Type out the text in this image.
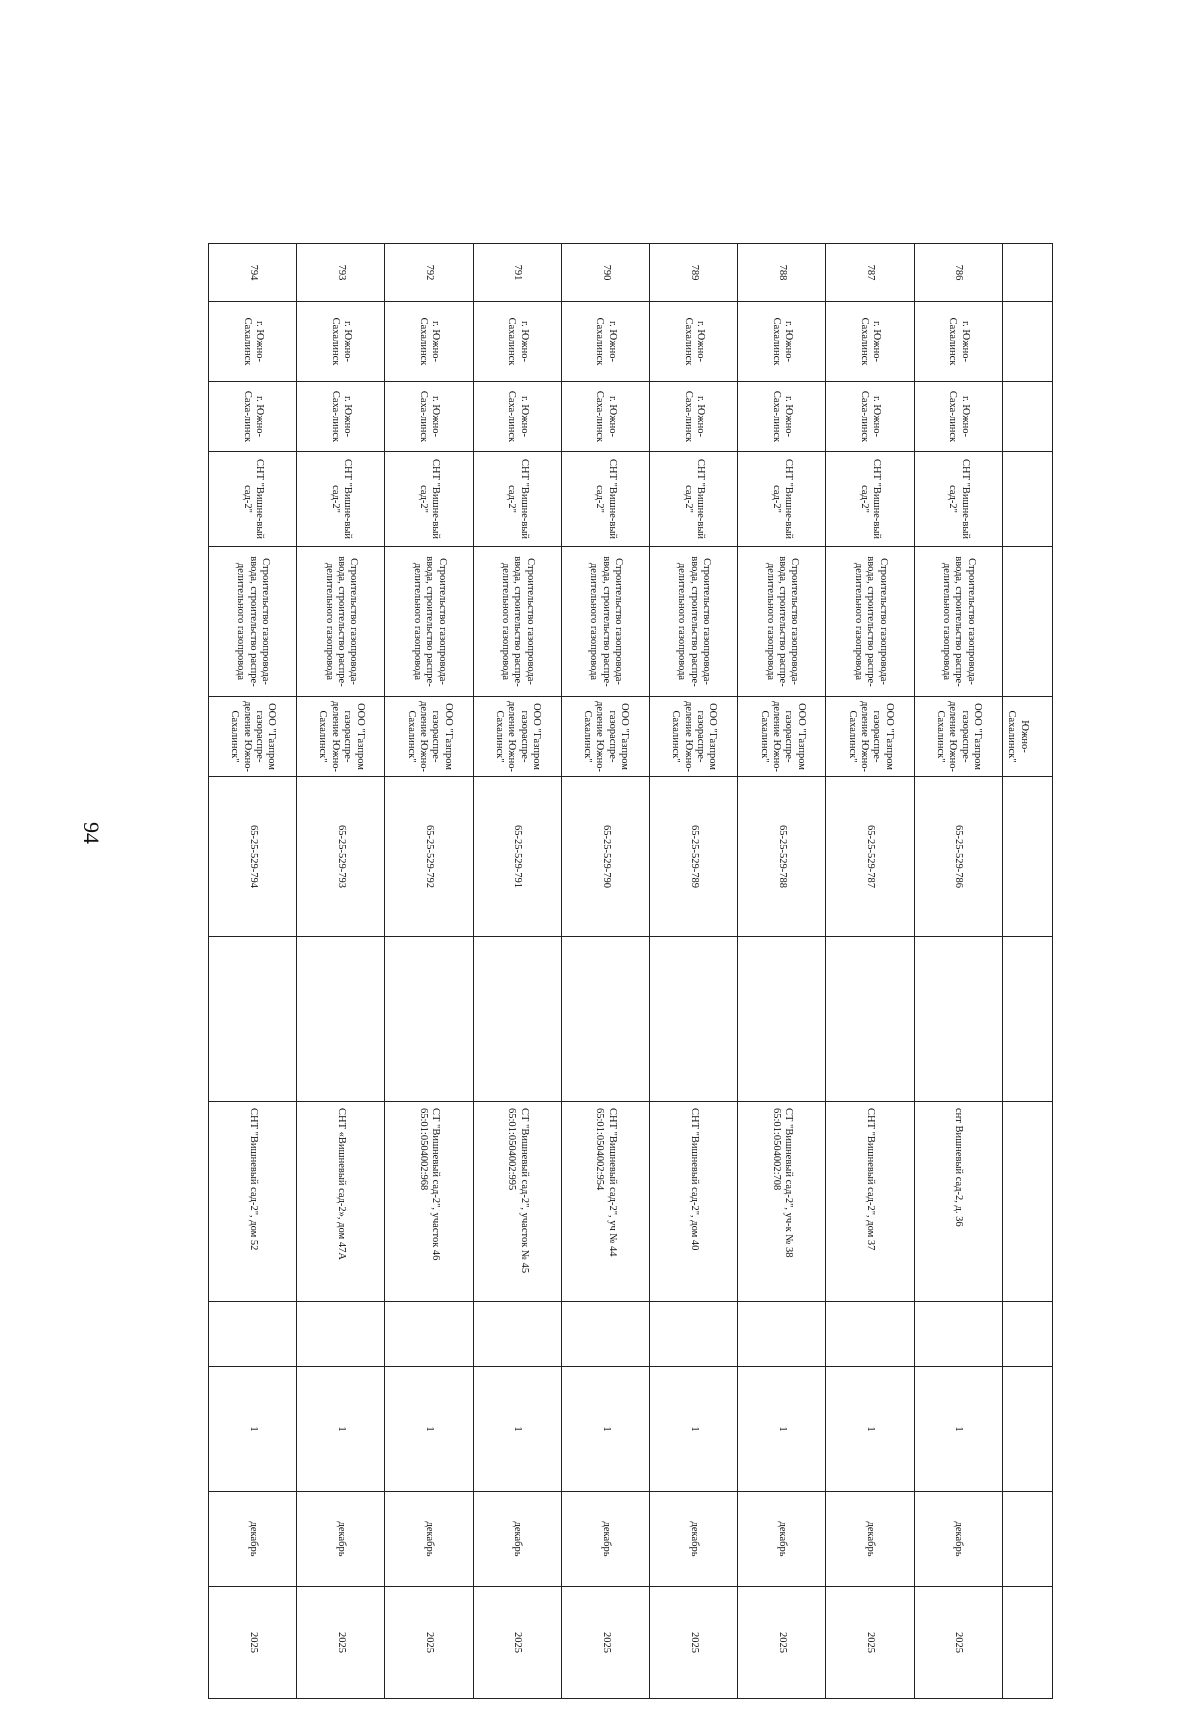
94
					Южно-Сахалинск"							
786	г. Южно-Сахалинск	г. Южно-Саха-линск	СНТ "Вишне-вый сад-2"	Строительство газопровода-ввода, строительство распре-делительного газопровода	ООО "Газпром газораспре-деление Южно-Сахалинск"	65-25-529-786		снт Вишневый сад-2, д. 36		1	декабрь	2025
787	г. Южно-Сахалинск	г. Южно-Саха-линск	СНТ "Вишне-вый сад-2"	Строительство газопровода-ввода, строительство распре-делительного газопровода	ООО "Газпром газораспре-деление Южно-Сахалинск"	65-25-529-787		СНТ "Вишневый сад-2", дом 37		1	декабрь	2025
788	г. Южно-Сахалинск	г. Южно-Саха-линск	СНТ "Вишне-вый сад-2"	Строительство газопровода-ввода, строительство распре-делительного газопровода	ООО "Газпром газораспре-деление Южно-Сахалинск"	65-25-529-788		СТ "Вишневый сад-2", уч-к № 38 65:01:0504002:708		1	декабрь	2025
789	г. Южно-Сахалинск	г. Южно-Саха-линск	СНТ "Вишне-вый сад-2"	Строительство газопровода-ввода, строительство распре-делительного газопровода	ООО "Газпром газораспре-деление Южно-Сахалинск"	65-25-529-789		СНТ "Вишневый сад-2", дом 40		1	декабрь	2025
790	г. Южно-Сахалинск	г. Южно-Саха-линск	СНТ "Вишне-вый сад-2"	Строительство газопровода-ввода, строительство распре-делительного газопровода	ООО "Газпром газораспре-деление Южно-Сахалинск"	65-25-529-790		СНТ "Вишневый сад-2", уч № 44 65:01:0504002:954		1	декабрь	2025
791	г. Южно-Сахалинск	г. Южно-Саха-линск	СНТ "Вишне-вый сад-2"	Строительство газопровода-ввода, строительство распре-делительного газопровода	ООО "Газпром газораспре-деление Южно-Сахалинск"	65-25-529-791		СТ "Вишневый сад-2", участок № 45 65:01:0504002:995		1	декабрь	2025
792	г. Южно-Сахалинск	г. Южно-Саха-линск	СНТ "Вишне-вый сад-2"	Строительство газопровода-ввода, строительство распре-делительного газопровода	ООО "Газпром газораспре-деление Южно-Сахалинск"	65-25-529-792		СТ "Вишневый сад-2", участок 46 65:01:0504002:968		1	декабрь	2025
793	г. Южно-Сахалинск	г. Южно-Саха-линск	СНТ "Вишне-вый сад-2"	Строительство газопровода-ввода, строительство распре-делительного газопровода	ООО "Газпром газораспре-деление Южно-Сахалинск"	65-25-529-793		СНТ «Вишневый сад-2», дом 47А		1	декабрь	2025
794	г. Южно-Сахалинск	г. Южно-Саха-линск	СНТ "Вишне-вый сад-2"	Строительство газопровода-ввода, строительство распре-делительного газопровода	ООО "Газпром газораспре-деление Южно-Сахалинск"	65-25-529-794		СНТ "Вишневый сад-2", дом 52		1	декабрь	2025
